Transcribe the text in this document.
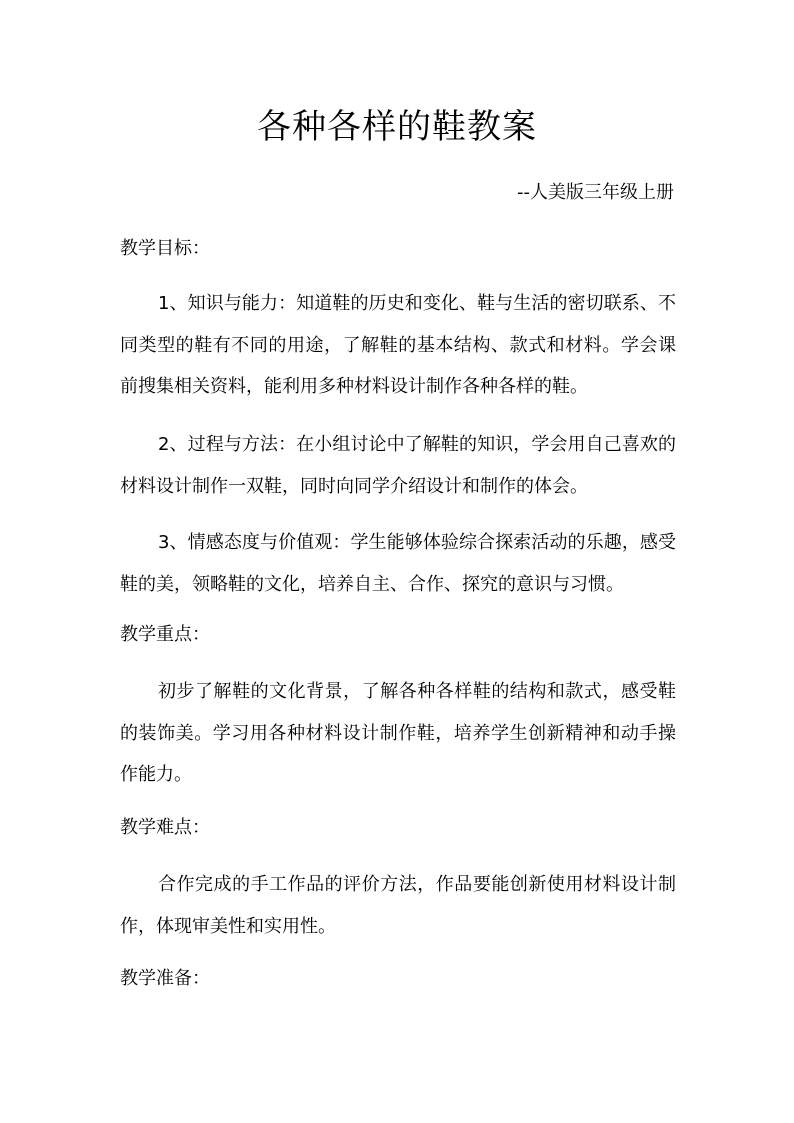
各种各样的鞋教案
--人美版三年级上册
教学目标：
1、知识与能力：知道鞋的历史和变化、鞋与生活的密切联系、不同类型的鞋有不同的用途，了解鞋的基本结构、款式和材料。学会课前搜集相关资料，能利用多种材料设计制作各种各样的鞋。
2、过程与方法：在小组讨论中了解鞋的知识，学会用自己喜欢的材料设计制作一双鞋，同时向同学介绍设计和制作的体会。
3、情感态度与价值观：学生能够体验综合探索活动的乐趣，感受鞋的美，领略鞋的文化，培养自主、合作、探究的意识与习惯。
教学重点：
初步了解鞋的文化背景，了解各种各样鞋的结构和款式，感受鞋的装饰美。学习用各种材料设计制作鞋，培养学生创新精神和动手操作能力。
教学难点：
合作完成的手工作品的评价方法，作品要能创新使用材料设计制作，体现审美性和实用性。
教学准备：
